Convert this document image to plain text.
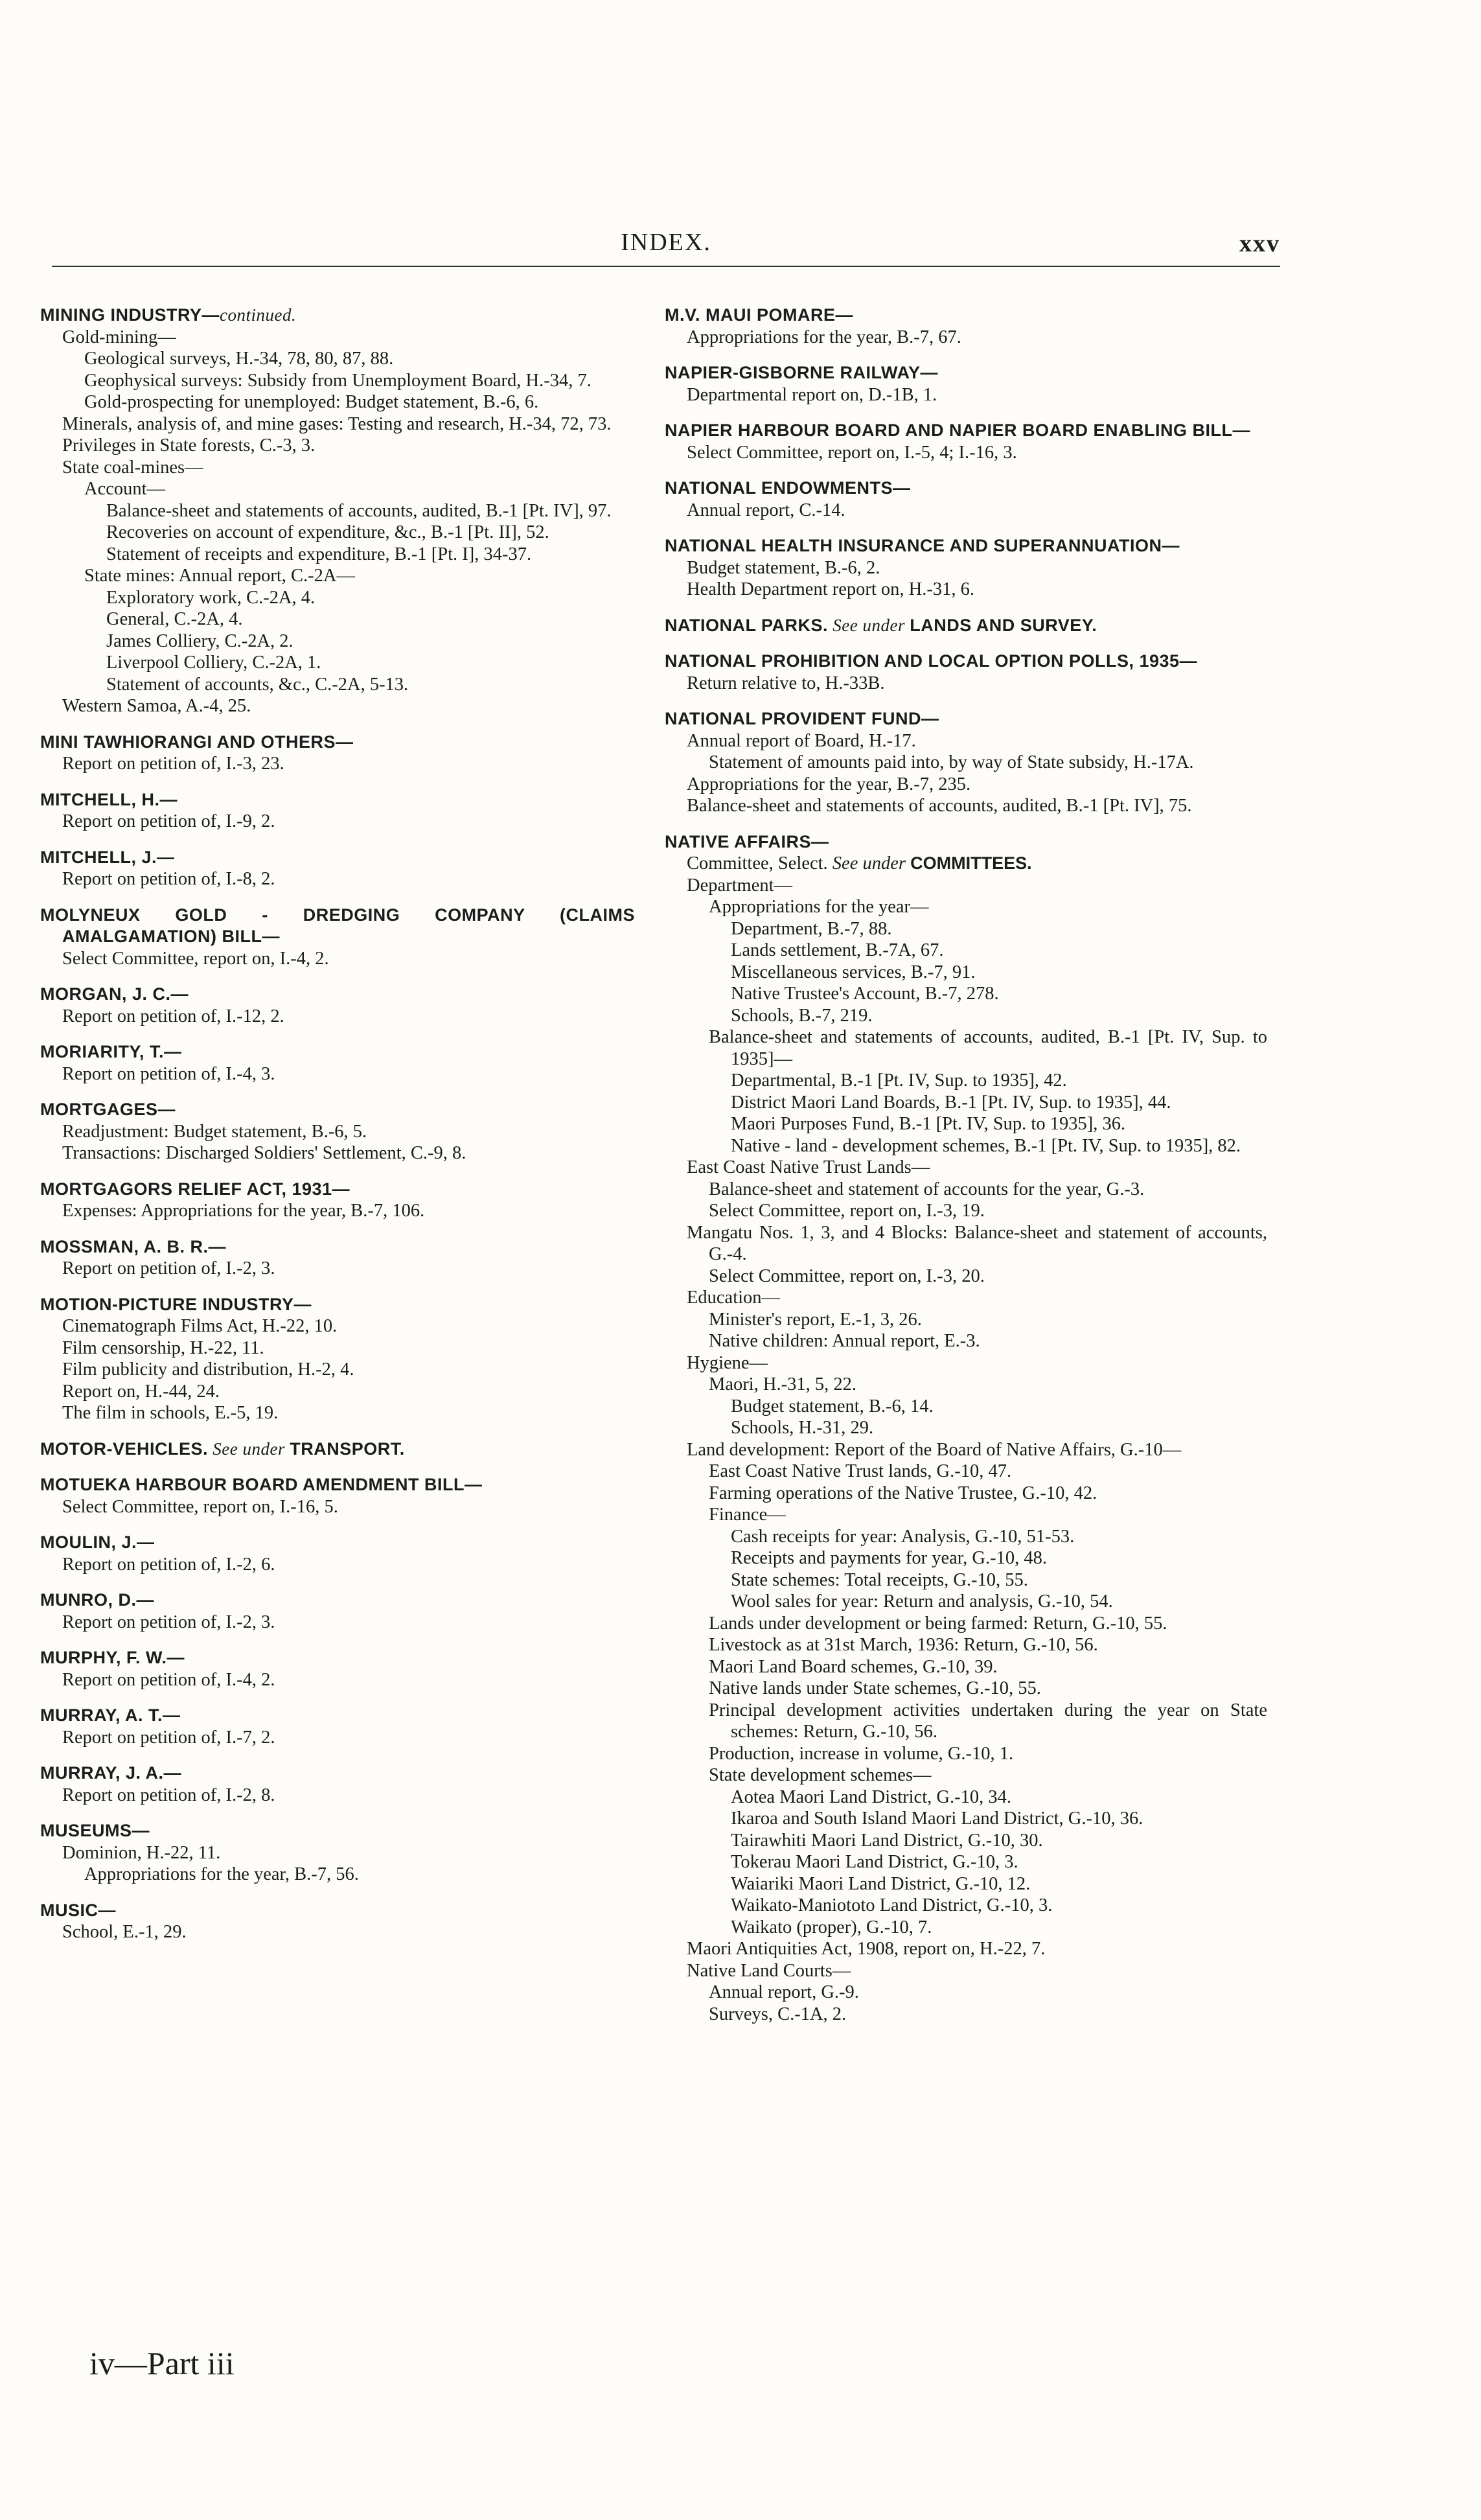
INDEX.	xxv
MINING INDUSTRY—continued.
Gold-mining—
Geological surveys, H.-34, 78, 80, 87, 88.
Geophysical surveys: Subsidy from Unemployment Board, H.-34, 7.
Gold-prospecting for unemployed: Budget statement, B.-6, 6.
Minerals, analysis of, and mine gases: Testing and research, H.-34, 72, 73.
Privileges in State forests, C.-3, 3.
State coal-mines—
Account—
Balance-sheet and statements of accounts, audited, B.-1 [Pt. IV], 97.
Recoveries on account of expenditure, &c., B.-1 [Pt. II], 52.
Statement of receipts and expenditure, B.-1 [Pt. I], 34-37.
State mines: Annual report, C.-2A—
Exploratory work, C.-2A, 4.
General, C.-2A, 4.
James Colliery, C.-2A, 2.
Liverpool Colliery, C.-2A, 1.
Statement of accounts, &c., C.-2A, 5-13.
Western Samoa, A.-4, 25.
MINI TAWHIORANGI AND OTHERS—
Report on petition of, I.-3, 23.
MITCHELL, H.—
Report on petition of, I.-9, 2.
MITCHELL, J.—
Report on petition of, I.-8, 2.
MOLYNEUX GOLD - DREDGING COMPANY (CLAIMS AMALGAMATION) BILL—
Select Committee, report on, I.-4, 2.
MORGAN, J. C.—
Report on petition of, I.-12, 2.
MORIARITY, T.—
Report on petition of, I.-4, 3.
MORTGAGES—
Readjustment: Budget statement, B.-6, 5.
Transactions: Discharged Soldiers' Settlement, C.-9, 8.
MORTGAGORS RELIEF ACT, 1931—
Expenses: Appropriations for the year, B.-7, 106.
MOSSMAN, A. B. R.—
Report on petition of, I.-2, 3.
MOTION-PICTURE INDUSTRY—
Cinematograph Films Act, H.-22, 10.
Film censorship, H.-22, 11.
Film publicity and distribution, H.-2, 4.
Report on, H.-44, 24.
The film in schools, E.-5, 19.
MOTOR-VEHICLES. See under TRANSPORT.
MOTUEKA HARBOUR BOARD AMENDMENT BILL—
Select Committee, report on, I.-16, 5.
MOULIN, J.—
Report on petition of, I.-2, 6.
MUNRO, D.—
Report on petition of, I.-2, 3.
MURPHY, F. W.—
Report on petition of, I.-4, 2.
MURRAY, A. T.—
Report on petition of, I.-7, 2.
MURRAY, J. A.—
Report on petition of, I.-2, 8.
MUSEUMS—
Dominion, H.-22, 11.
Appropriations for the year, B.-7, 56.
MUSIC—
School, E.-1, 29.
M.V. MAUI POMARE—
Appropriations for the year, B.-7, 67.
NAPIER-GISBORNE RAILWAY—
Departmental report on, D.-1B, 1.
NAPIER HARBOUR BOARD AND NAPIER BOARD ENABLING BILL—
Select Committee, report on, I.-5, 4; I.-16, 3.
NATIONAL ENDOWMENTS—
Annual report, C.-14.
NATIONAL HEALTH INSURANCE AND SUPERANNUATION—
Budget statement, B.-6, 2.
Health Department report on, H.-31, 6.
NATIONAL PARKS. See under LANDS AND SURVEY.
NATIONAL PROHIBITION AND LOCAL OPTION POLLS, 1935—
Return relative to, H.-33B.
NATIONAL PROVIDENT FUND—
Annual report of Board, H.-17.
Statement of amounts paid into, by way of State subsidy, H.-17A.
Appropriations for the year, B.-7, 235.
Balance-sheet and statements of accounts, audited, B.-1 [Pt. IV], 75.
NATIVE AFFAIRS—
Committee, Select. See under COMMITTEES.
Department—
Appropriations for the year—
Department, B.-7, 88.
Lands settlement, B.-7A, 67.
Miscellaneous services, B.-7, 91.
Native Trustee's Account, B.-7, 278.
Schools, B.-7, 219.
Balance-sheet and statements of accounts, audited, B.-1 [Pt. IV, Sup. to 1935]—
Departmental, B.-1 [Pt. IV, Sup. to 1935], 42.
District Maori Land Boards, B.-1 [Pt. IV, Sup. to 1935], 44.
Maori Purposes Fund, B.-1 [Pt. IV, Sup. to 1935], 36.
Native - land - development schemes, B.-1 [Pt. IV, Sup. to 1935], 82.
East Coast Native Trust Lands—
Balance-sheet and statement of accounts for the year, G.-3.
Select Committee, report on, I.-3, 19.
Mangatu Nos. 1, 3, and 4 Blocks: Balance-sheet and statement of accounts, G.-4.
Select Committee, report on, I.-3, 20.
Education—
Minister's report, E.-1, 3, 26.
Native children: Annual report, E.-3.
Hygiene—
Maori, H.-31, 5, 22.
Budget statement, B.-6, 14.
Schools, H.-31, 29.
Land development: Report of the Board of Native Affairs, G.-10—
East Coast Native Trust lands, G.-10, 47.
Farming operations of the Native Trustee, G.-10, 42.
Finance—
Cash receipts for year: Analysis, G.-10, 51-53.
Receipts and payments for year, G.-10, 48.
State schemes: Total receipts, G.-10, 55.
Wool sales for year: Return and analysis, G.-10, 54.
Lands under development or being farmed: Return, G.-10, 55.
Livestock as at 31st March, 1936: Return, G.-10, 56.
Maori Land Board schemes, G.-10, 39.
Native lands under State schemes, G.-10, 55.
Principal development activities undertaken during the year on State schemes: Return, G.-10, 56.
Production, increase in volume, G.-10, 1.
State development schemes—
Aotea Maori Land District, G.-10, 34.
Ikaroa and South Island Maori Land District, G.-10, 36.
Tairawhiti Maori Land District, G.-10, 30.
Tokerau Maori Land District, G.-10, 3.
Waiariki Maori Land District, G.-10, 12.
Waikato-Maniototo Land District, G.-10, 3.
Waikato (proper), G.-10, 7.
Maori Antiquities Act, 1908, report on, H.-22, 7.
Native Land Courts—
Annual report, G.-9.
Surveys, C.-1A, 2.
iv—Part iii
